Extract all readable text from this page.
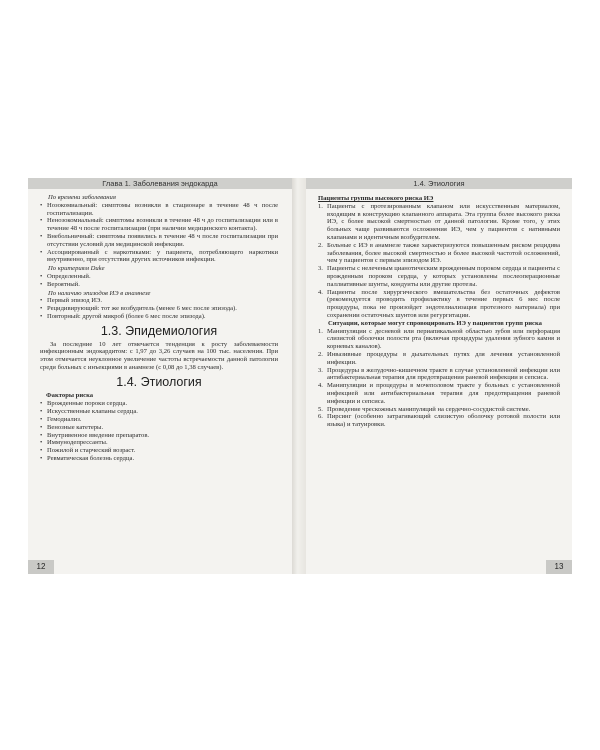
Глава 1. Заболевания эндокарда
По времени заболевания
• Нозокомиальный: симптомы возникли в стационаре в течение 48 ч после госпитализации.
• Ненозокомиальный: симптомы возникли в течение 48 ч до госпитализации или в течение 48 ч после госпитализации (при наличии медицинского контакта).
• Внебольничный: симптомы появились в течение 48 ч после госпитализации при отсутствии условий для медицинской инфекции.
• Ассоциированный с наркотиками: у пациента, потребляющего наркотики внутривенно, при отсутствии других источников инфекции.
По критериям Duke
• Определенный.
• Вероятный.
По наличию эпизодов ИЭ в анамнезе
• Первый эпизод ИЭ.
• Рецидивирующий: тот же возбудитель (менее 6 мес после эпизода).
• Повторный: другой микроб (более 6 мес после эпизода).
1.3. Эпидемиология

За последние 10 лет отмечается тенденция к росту заболеваемости инфекционным эндокардитом: с 1,97 до 3,26 случаев на 100 тыс. населения. При этом отмечается неуклонное увеличение частоты встречаемости данной патологии среди больных с инъекциями в анамнезе (с 0,08 до 1,38 случаев).

1.4. Этиология
Факторы риска
• Врожденные пороки сердца.
• Искусственные клапаны сердца.
• Гемодиализ.
• Венозные катетеры.
• Внутривенное введение препаратов.
• Иммунодепрессанты.
• Пожилой и старческий возраст.
• Ревматическая болезнь сердца.
12
1.4. Этиология
Пациенты группы высокого риска ИЭ
1. Пациенты с протезированным клапаном или искусственным материалом, входящим в конструкцию клапанного аппарата. Эта группа более высокого риска ИЭ, с более высокой смертностью от данной патологии. Кроме того, у этих больных чаще развиваются осложнения ИЭ, чем у пациентов с нативными клапанами и идентичным возбудителем.
2. Больные с ИЭ в анамнезе также характеризуются повышенным риском рецидива заболевания, более высокой смертностью и более высокой частотой осложнений, чем у пациентов с первым эпизодом ИЭ.
3. Пациенты с нелеченым цианотическим врожденным пороком сердца и пациенты с врожденным пороком сердца, у которых установлены послеоперационные паллиативные шунты, кондуиты или другие протезы.
4. Пациенты после хирургического вмешательства без остаточных дефектов (рекомендуется проводить профилактику в течение первых 6 мес после процедуры, пока не произойдет эндотелиализация протезного материала) при сохранении остаточных шунтов или регургитации.
Ситуации, которые могут спровоцировать ИЭ у пациентов групп риска
1. Манипуляции с десневой или периапикальной областью зубов или перфорация слизистой оболочки полости рта (включая процедуры удаления зубного камня и корневых каналов).
2. Инвазивные процедуры в дыхательных путях для лечения установленной инфекции.
3. Процедуры в желудочно-кишечном тракте в случае установленной инфекции или антибактериальная терапия для предотвращения раневой инфекции и сепсиса.
4. Манипуляции и процедуры в мочеполовом тракте у больных с установленной инфекцией или антибактериальная терапия для предотвращения раневой инфекции и сепсиса.
5. Проведение чрескожных манипуляций на сердечно-сосудистой системе.
6. Пирсинг (особенно затрагивающий слизистую оболочку ротовой полости или языка) и татуировки.
13
